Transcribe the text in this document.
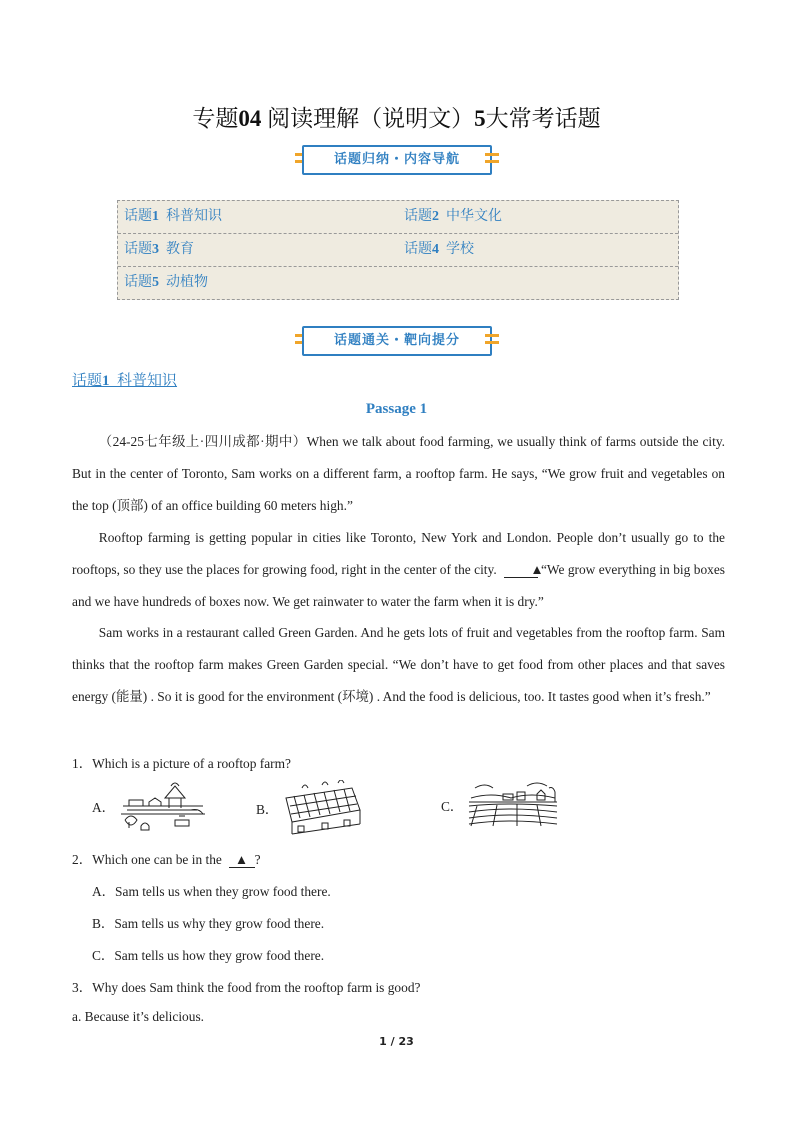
专题04 阅读理解（说明文）5大常考话题
话题归纳・内容导航
话题1 科普知识	话题2 中华文化
话题3 教育	话题4 学校
话题5 动植物
话题通关・靶向提分
话题1 科普知识
Passage 1

（24-25七年级上·四川成都·期中）When we talk about food farming, we usually think of farms outside the city. But in the center of Toronto, Sam works on a different farm, a rooftop farm. He says, “We grow fruit and vegetables on the top (顶部) of an office building 60 meters high.”

Rooftop farming is getting popular in cities like Toronto, New York and London. People don’t usually go to the rooftops, so they use the places for growing food, right in the center of the city.	▲ “We grow everything in big boxes and we have hundreds of boxes now. We get rainwater to water the farm when it is dry.”

Sam works in a restaurant called Green Garden. And he gets lots of fruit and vegetables from the rooftop farm. Sam thinks that the rooftop farm makes Green Garden special. “We don’t have to get food from other places and that saves energy (能量) . So it is good for the environment (环境) . And the food is delicious, too. It tastes good when it’s fresh.”

1．Which is a picture of a rooftop farm?
A．	B．	C．
2．Which one can be in the ▲ ?
A．Sam tells us when they grow food there.
B．Sam tells us why they grow food there.
C．Sam tells us how they grow food there.
3．Why does Sam think the food from the rooftop farm is good?
a. Because it’s delicious.
1 / 23
